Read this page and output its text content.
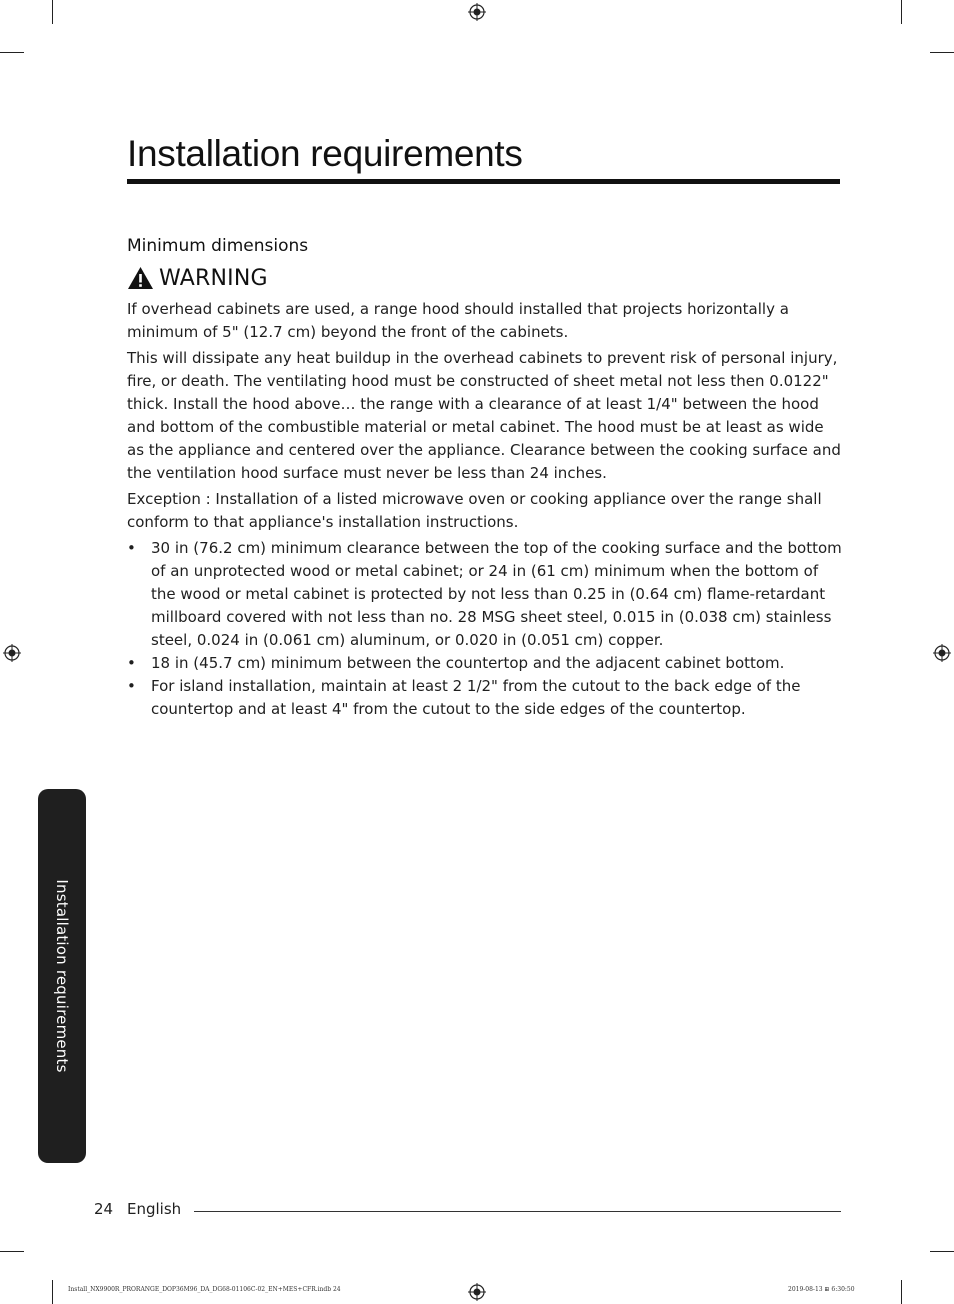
Installation requirements
Minimum dimensions
WARNING

If overhead cabinets are used, a range hood should installed that projects horizontally a minimum of 5" (12.7 cm) beyond the front of the cabinets.

This will dissipate any heat buildup in the overhead cabinets to prevent risk of personal injury, fire, or death. The ventilating hood must be constructed of sheet metal not less then 0.0122" thick. Install the hood above… the range with a clearance of at least 1/4" between the hood and bottom of the combustible material or metal cabinet. The hood must be at least as wide as the appliance and centered over the appliance. Clearance between the cooking surface and the ventilation hood surface must never be less than 24 inches.

Exception : Installation of a listed microwave oven or cooking appliance over the range shall conform to that appliance's installation instructions.

• 30 in (76.2 cm) minimum clearance between the top of the cooking surface and the bottom of an unprotected wood or metal cabinet; or 24 in (61 cm) minimum when the bottom of the wood or metal cabinet is protected by not less than 0.25 in (0.64 cm) flame-retardant millboard covered with not less than no. 28 MSG sheet steel, 0.015 in (0.038 cm) stainless steel, 0.024 in (0.061 cm) aluminum, or 0.020 in (0.051 cm) copper.
• 18 in (45.7 cm) minimum between the countertop and the adjacent cabinet bottom.
• For island installation, maintain at least 2 1/2" from the cutout to the back edge of the countertop and at least 4" from the cutout to the side edges of the countertop.
Installation requirements
24 English
Install_NX9900R_PRORANGE_DOP36M96_DA_DG68-01106C-02_EN+MES+CFR.indb 24	2019-08-13 ⊞ 6:30:50
